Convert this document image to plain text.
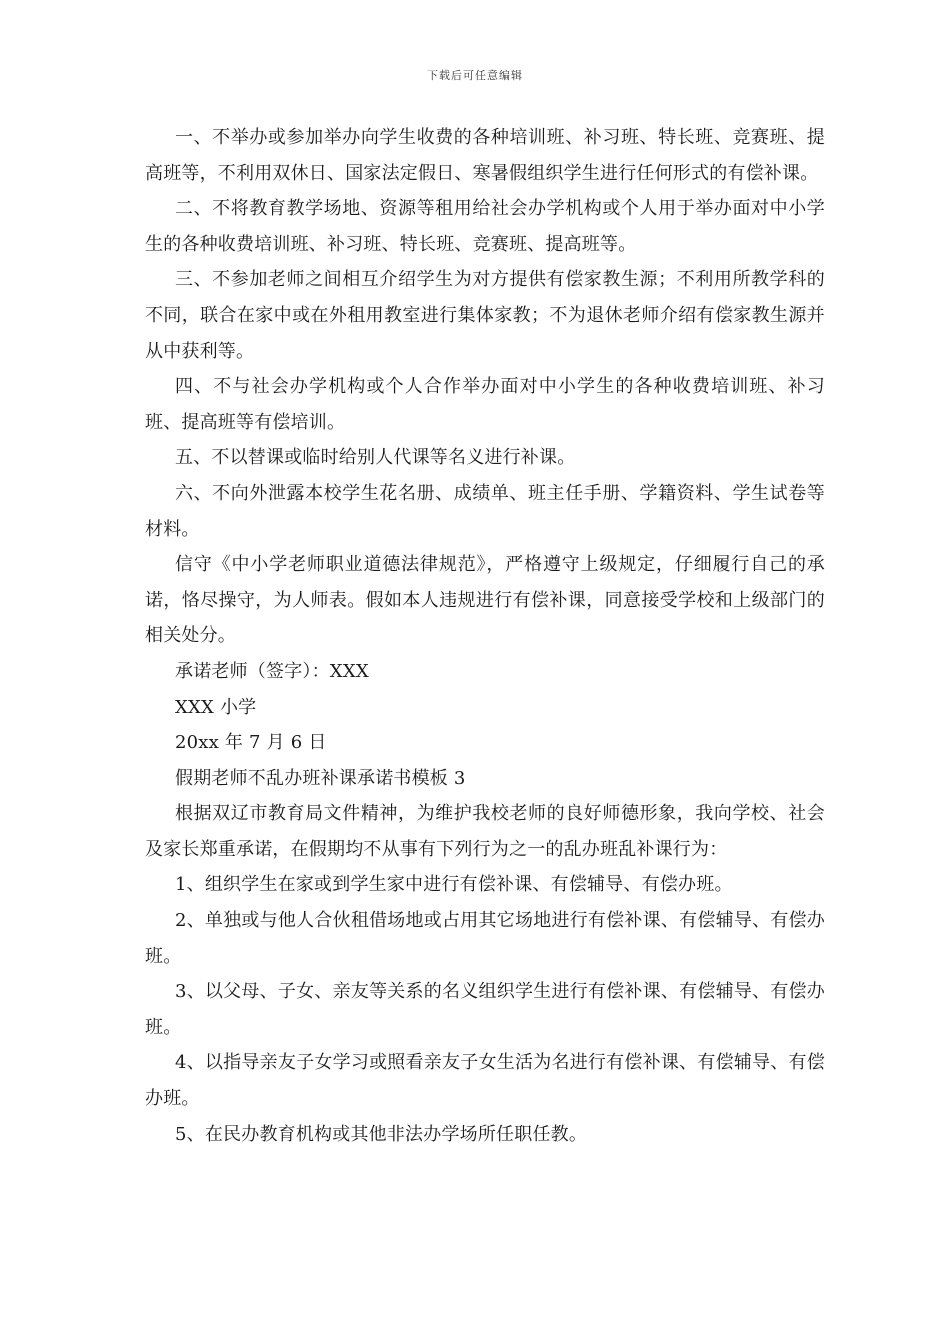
下载后可任意编辑

一、不举办或参加举办向学生收费的各种培训班、补习班、特长班、竞赛班、提高班等，不利用双休日、国家法定假日、寒暑假组织学生进行任何形式的有偿补课。

二、不将教育教学场地、资源等租用给社会办学机构或个人用于举办面对中小学生的各种收费培训班、补习班、特长班、竞赛班、提高班等。

三、不参加老师之间相互介绍学生为对方提供有偿家教生源；不利用所教学科的不同，联合在家中或在外租用教室进行集体家教；不为退休老师介绍有偿家教生源并从中获利等。

四、不与社会办学机构或个人合作举办面对中小学生的各种收费培训班、补习班、提高班等有偿培训。

五、不以替课或临时给别人代课等名义进行补课。

六、不向外泄露本校学生花名册、成绩单、班主任手册、学籍资料、学生试卷等材料。

信守《中小学老师职业道德法律规范》，严格遵守上级规定，仔细履行自己的承诺，恪尽操守，为人师表。假如本人违规进行有偿补课，同意接受学校和上级部门的相关处分。

承诺老师（签字）：XXX

XXX 小学

20xx 年 7 月 6 日

假期老师不乱办班补课承诺书模板 3

根据双辽市教育局文件精神，为维护我校老师的良好师德形象，我向学校、社会及家长郑重承诺，在假期均不从事有下列行为之一的乱办班乱补课行为：

1、组织学生在家或到学生家中进行有偿补课、有偿辅导、有偿办班。

2、单独或与他人合伙租借场地或占用其它场地进行有偿补课、有偿辅导、有偿办班。

3、以父母、子女、亲友等关系的名义组织学生进行有偿补课、有偿辅导、有偿办班。

4、以指导亲友子女学习或照看亲友子女生活为名进行有偿补课、有偿辅导、有偿办班。

5、在民办教育机构或其他非法办学场所任职任教。
